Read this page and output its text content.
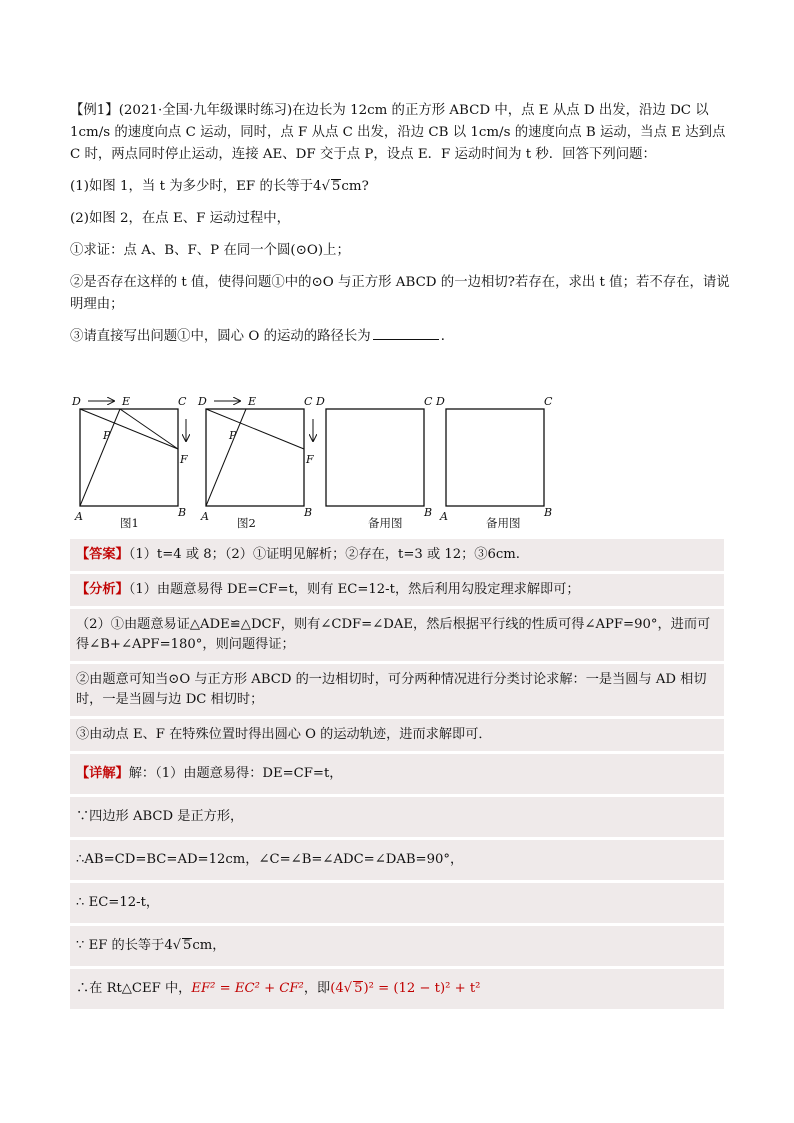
【例1】(2021·全国·九年级课时练习)在边长为 12cm 的正方形 ABCD 中，点 E 从点 D 出发，沿边 DC 以 1cm/s 的速度向点 C 运动，同时，点 F 从点 C 出发，沿边 CB 以 1cm/s 的速度向点 B 运动，当点 E 达到点 C 时，两点同时停止运动，连接 AE、DF 交于点 P，设点 E．F 运动时间为 t 秒．回答下列问题：

(1)如图 1，当 t 为多少时，EF 的长等于4√ 5cm?

(2)如图 2，在点 E、F 运动过程中，

①求证：点 A、B、F、P 在同一个圆(⊙O)上；

②是否存在这样的 t 值，使得问题①中的⊙O 与正方形 ABCD 的一边相切?若存在，求出 t 值；若不存在，请说明理由；

③请直接写出问题①中，圆心 O 的运动的路径长为	．

D	E	C
P
F
A	B
图1
D	E	C
P
F
A	B
图2
D	C
B
备用图
D	C
A	B
备用图
【答案】（1）t=4 或 8；（2）①证明见解析；②存在，t=3 或 12；③6cm.
【分析】（1）由题意易得 DE=CF=t，则有 EC=12-t，然后利用勾股定理求解即可；
（2）①由题意易证△ADE≌△DCF，则有∠CDF=∠DAE，然后根据平行线的性质可得∠APF=90°，进而可得∠B+∠APF=180°，则问题得证；
②由题意可知当⊙O 与正方形 ABCD 的一边相切时，可分两种情况进行分类讨论求解：一是当圆与 AD 相切时，一是当圆与边 DC 相切时；
③由动点 E、F 在特殊位置时得出圆心 O 的运动轨迹，进而求解即可．
【详解】解：（1）由题意易得：DE=CF=t，
∵四边形 ABCD 是正方形，
∴AB=CD=BC=AD=12cm，∠C=∠B=∠ADC=∠DAB=90°，
∴ EC=12-t，
∵ EF 的长等于4√ 5cm，
∴在 Rt△CEF 中，EF² = EC² + CF²，即(4√ 5)² = (12 − t)² + t²
